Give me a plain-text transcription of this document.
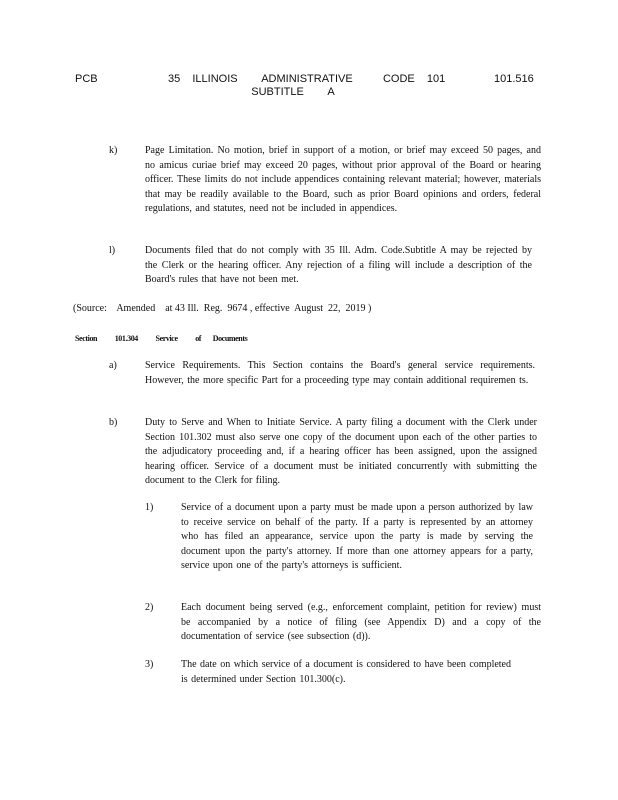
PCB	35  ILLINOIS    ADMINISTRATIVE     CODE  101
SUBTITLE    A
101.516
k)	Page Limitation. No motion, brief in support of a motion, or brief may exceed 50 pages, and no amicus curiae brief may exceed 20 pages, without prior approval of the Board or hearing officer. These limits do not include appendices containing relevant material; however, materials that may be readily available to the Board, such as prior Board opinions and orders, federal regulations, and statutes, need not be included in appendices.
l)	Documents filed that do not comply with 35 Ill. Adm. Code.Subtitle A may be rejected by the Clerk or the hearing officer. Any rejection of a filing will include a description of the Board's rules that have not been met.
(Source:    Amended    at 43 Ill.  Reg.  9674 , effective  August  22,  2019 )
Section 101.304 Service of Documents
a)	Service Requirements. This Section contains the Board's general service requirements. However, the more specific Part for a proceeding type may contain additional requiremen ts.
b)	Duty to Serve and When to Initiate Service. A party filing a document with the Clerk under Section 101.302 must also serve one copy of the document upon each of the other parties to the adjudicatory proceeding and, if a hearing officer has been assigned, upon the assigned hearing officer. Service of a document must be initiated concurrently with submitting the document to the Clerk for filing.
1)	Service of a document upon a party must be made upon a person authorized by law to receive service on behalf of the party. If a party is represented by an attorney who has filed an appearance, service upon the party is made by serving the document upon the party's attorney. If more than one attorney appears for a party, service upon one of the party's attorneys is sufficient.
2)	Each document being served (e.g., enforcement complaint, petition for review) must be accompanied by a notice of filing (see Appendix D) and a copy of the documentation of service (see subsection (d)).
3)	The date on which service of a document is considered to have been completed is determined under Section 101.300(c).
